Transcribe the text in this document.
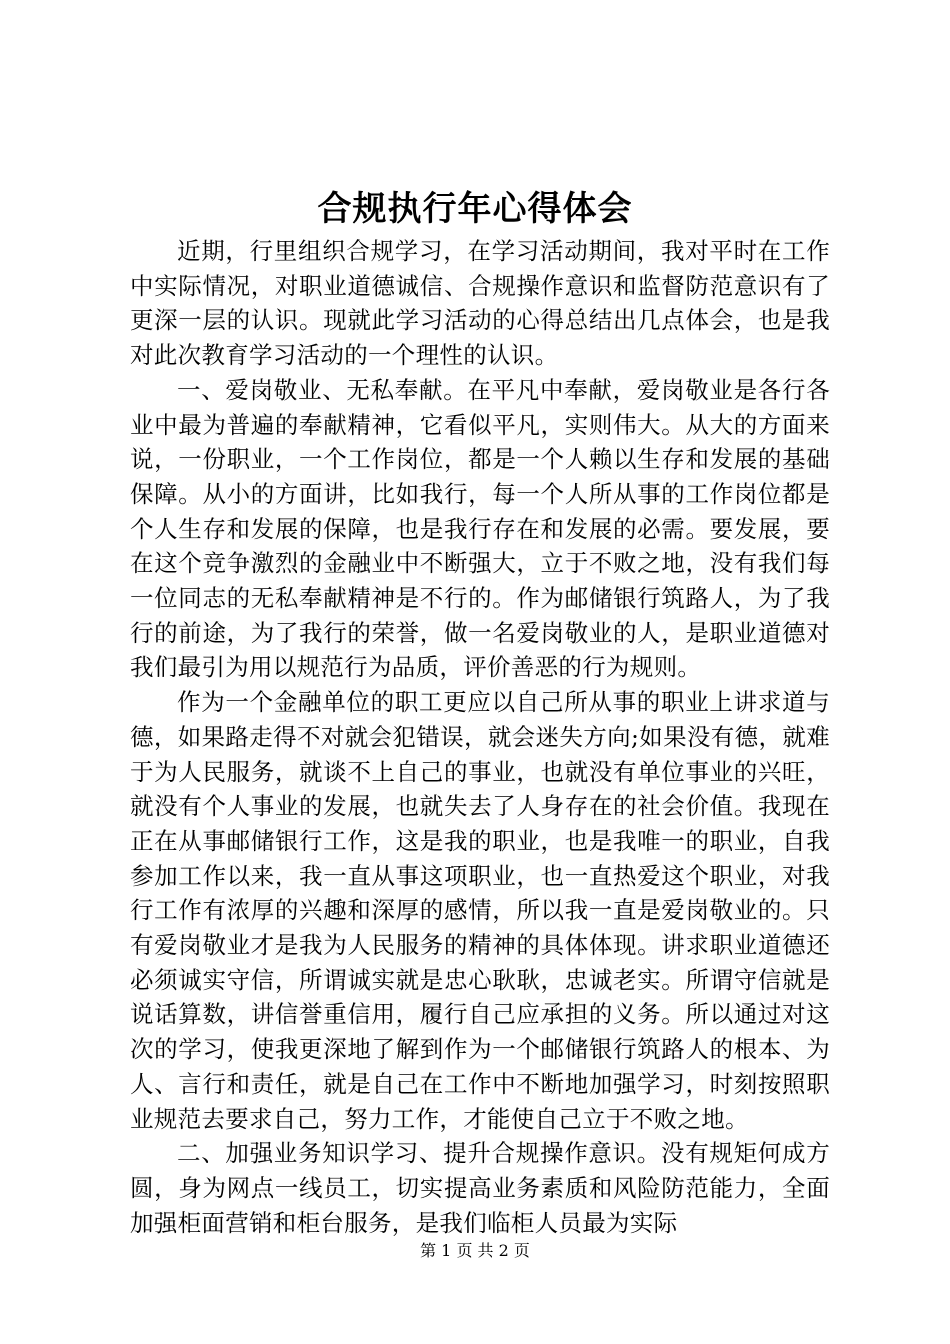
合规执行年心得体会

近期，行里组织合规学习，在学习活动期间，我对平时在工作中实际情况，对职业道德诚信、合规操作意识和监督防范意识有了更深一层的认识。现就此学习活动的心得总结出几点体会，也是我对此次教育学习活动的一个理性的认识。

一、爱岗敬业、无私奉献。在平凡中奉献，爱岗敬业是各行各业中最为普遍的奉献精神，它看似平凡，实则伟大。从大的方面来说，一份职业，一个工作岗位，都是一个人赖以生存和发展的基础保障。从小的方面讲，比如我行，每一个人所从事的工作岗位都是个人生存和发展的保障，也是我行存在和发展的必需。要发展，要在这个竞争激烈的金融业中不断强大，立于不败之地，没有我们每一位同志的无私奉献精神是不行的。作为邮储银行筑路人，为了我行的前途，为了我行的荣誉，做一名爱岗敬业的人，是职业道德对我们最引为用以规范行为品质，评价善恶的行为规则。

作为一个金融单位的职工更应以自己所从事的职业上讲求道与德，如果路走得不对就会犯错误，就会迷失方向;如果没有德，就难于为人民服务，就谈不上自己的事业，也就没有单位事业的兴旺，就没有个人事业的发展，也就失去了人身存在的社会价值。我现在正在从事邮储银行工作，这是我的职业，也是我唯一的职业，自我参加工作以来，我一直从事这项职业，也一直热爱这个职业，对我行工作有浓厚的兴趣和深厚的感情，所以我一直是爱岗敬业的。只有爱岗敬业才是我为人民服务的精神的具体体现。讲求职业道德还必须诚实守信，所谓诚实就是忠心耿耿，忠诚老实。所谓守信就是说话算数，讲信誉重信用，履行自己应承担的义务。所以通过对这次的学习，使我更深地了解到作为一个邮储银行筑路人的根本、为人、言行和责任，就是自己在工作中不断地加强学习，时刻按照职业规范去要求自己，努力工作，才能使自己立于不败之地。

二、加强业务知识学习、提升合规操作意识。没有规矩何成方圆，身为网点一线员工，切实提高业务素质和风险防范能力，全面加强柜面营销和柜台服务，是我们临柜人员最为实际

第 1 页 共 2 页
